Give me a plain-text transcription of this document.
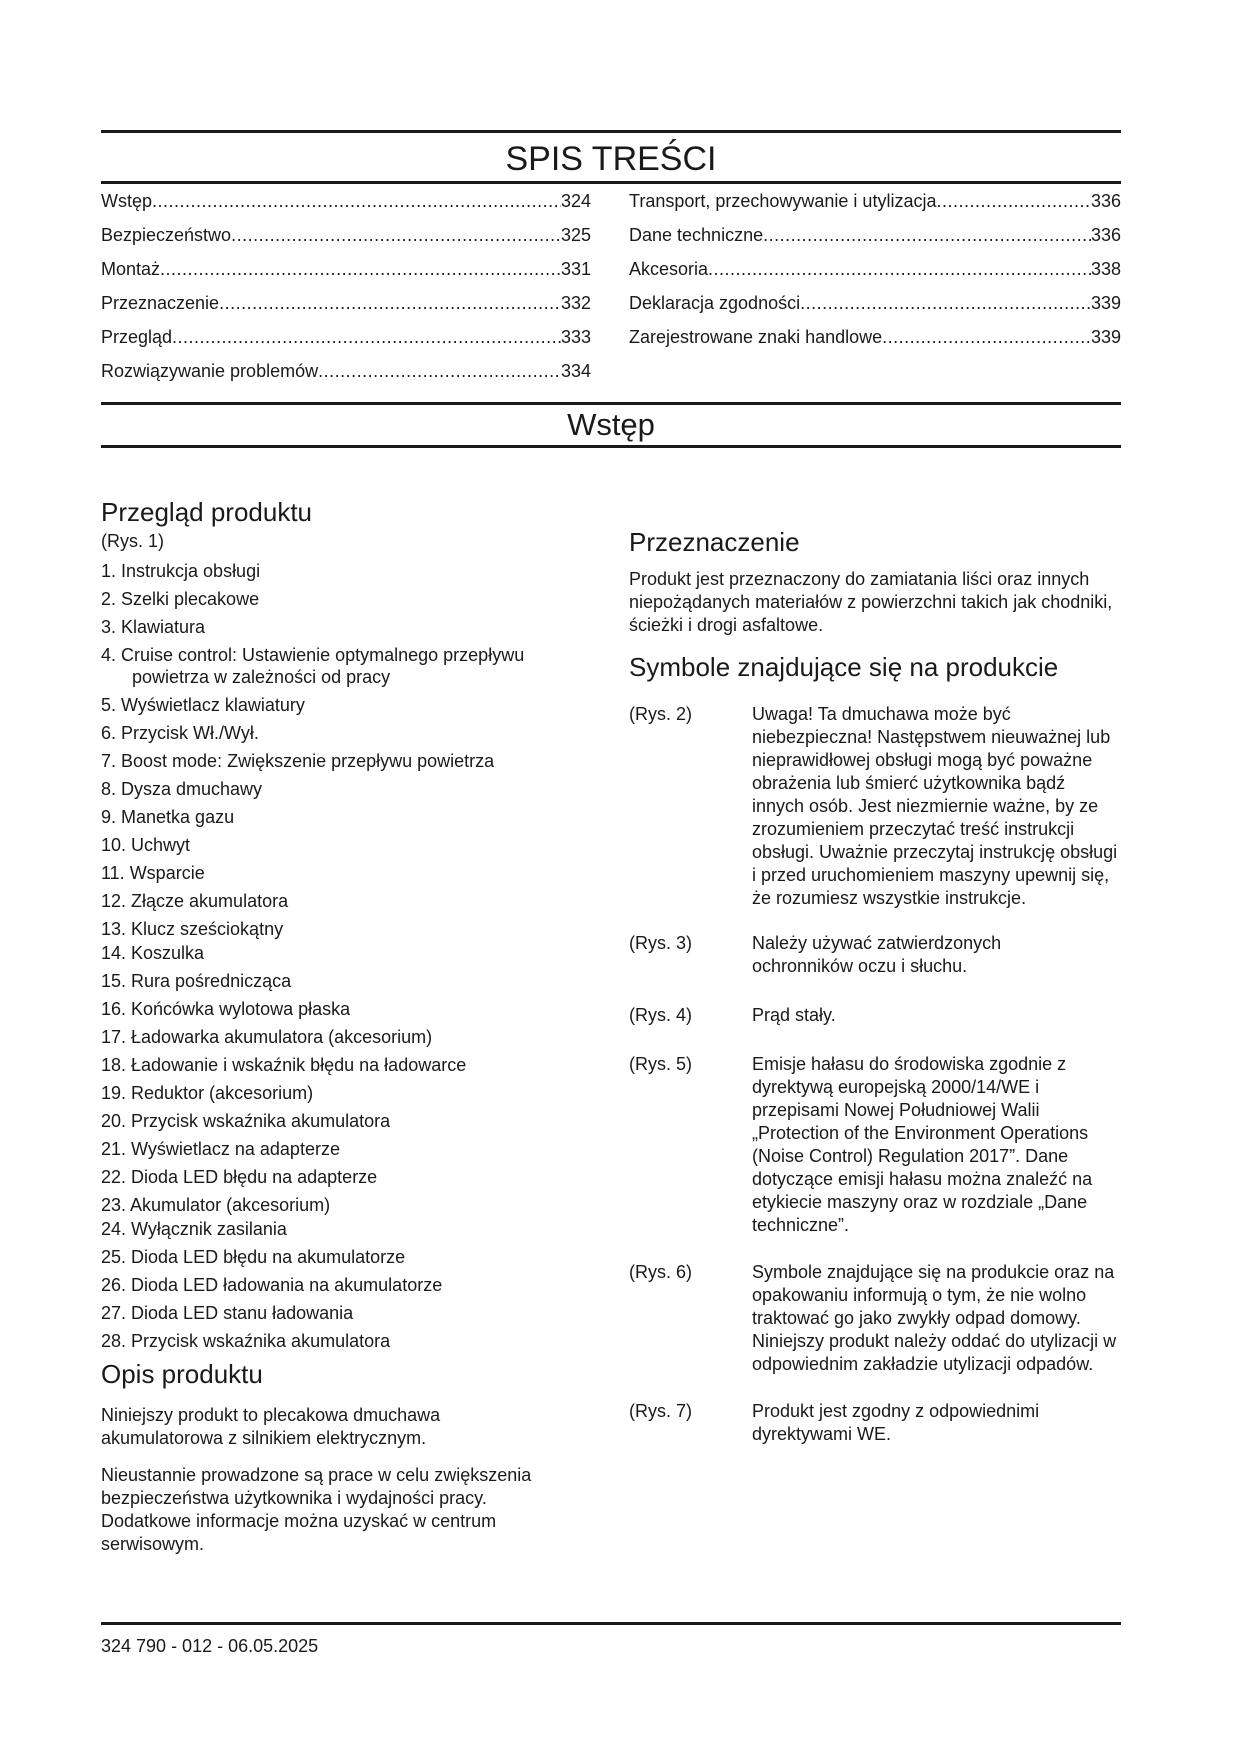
SPIS TREŚCI
Wstęp .....	324
Bezpieczeństwo .....	325
Montaż .....	331
Przeznaczenie .....	332
Przegląd .....	333
Rozwiązywanie problemów .....	334
Transport, przechowywanie i utylizacja .....	336
Dane techniczne .....	336
Akcesoria .....	338
Deklaracja zgodności .....	339
Zarejestrowane znaki handlowe .....	339
Wstęp
Przegląd produktu
(Rys. 1)
1. Instrukcja obsługi
2. Szelki plecakowe
3. Klawiatura
4. Cruise control: Ustawienie optymalnego przepływu
powietrza w zależności od pracy
5. Wyświetlacz klawiatury
6. Przycisk Wł./Wył.
7. Boost mode: Zwiększenie przepływu powietrza
8. Dysza dmuchawy
9. Manetka gazu
10. Uchwyt
11. Wsparcie
12. Złącze akumulatora
13. Klucz sześciokątny
14. Koszulka
15. Rura pośrednicząca
16. Końcówka wylotowa płaska
17. Ładowarka akumulatora (akcesorium)
18. Ładowanie i wskaźnik błędu na ładowarce
19. Reduktor (akcesorium)
20. Przycisk wskaźnika akumulatora
21. Wyświetlacz na adapterze
22. Dioda LED błędu na adapterze
23. Akumulator (akcesorium)
24. Wyłącznik zasilania
25. Dioda LED błędu na akumulatorze
26. Dioda LED ładowania na akumulatorze
27. Dioda LED stanu ładowania
28. Przycisk wskaźnika akumulatora
Opis produktu

Niniejszy produkt to plecakowa dmuchawa akumulatorowa z silnikiem elektrycznym.

Nieustannie prowadzone są prace w celu zwiększenia bezpieczeństwa użytkownika i wydajności pracy. Dodatkowe informacje można uzyskać w centrum serwisowym.

Przeznaczenie

Produkt jest przeznaczony do zamiatania liści oraz innych niepożądanych materiałów z powierzchni takich jak chodniki, ścieżki i drogi asfaltowe.

Symbole znajdujące się na produkcie
(Rys. 2)	Uwaga! Ta dmuchawa może być niebezpieczna! Następstwem nieuważnej lub nieprawidłowej obsługi mogą być poważne obrażenia lub śmierć użytkownika bądź innych osób. Jest niezmiernie ważne, by ze zrozumieniem przeczytać treść instrukcji obsługi. Uważnie przeczytaj instrukcję obsługi i przed uruchomieniem maszyny upewnij się, że rozumiesz wszystkie instrukcje.
(Rys. 3)	Należy używać zatwierdzonych ochronników oczu i słuchu.
(Rys. 4)	Prąd stały.
(Rys. 5)	Emisje hałasu do środowiska zgodnie z dyrektywą europejską 2000/14/WE i przepisami Nowej Południowej Walii „Protection of the Environment Operations (Noise Control) Regulation 2017”. Dane dotyczące emisji hałasu można znaleźć na etykiecie maszyny oraz w rozdziale „Dane techniczne”.
(Rys. 6)	Symbole znajdujące się na produkcie oraz na opakowaniu informują o tym, że nie wolno traktować go jako zwykły odpad domowy. Niniejszy produkt należy oddać do utylizacji w odpowiednim zakładzie utylizacji odpadów.
(Rys. 7)	Produkt jest zgodny z odpowiednimi dyrektywami WE.
324 790 - 012 - 06.05.2025
